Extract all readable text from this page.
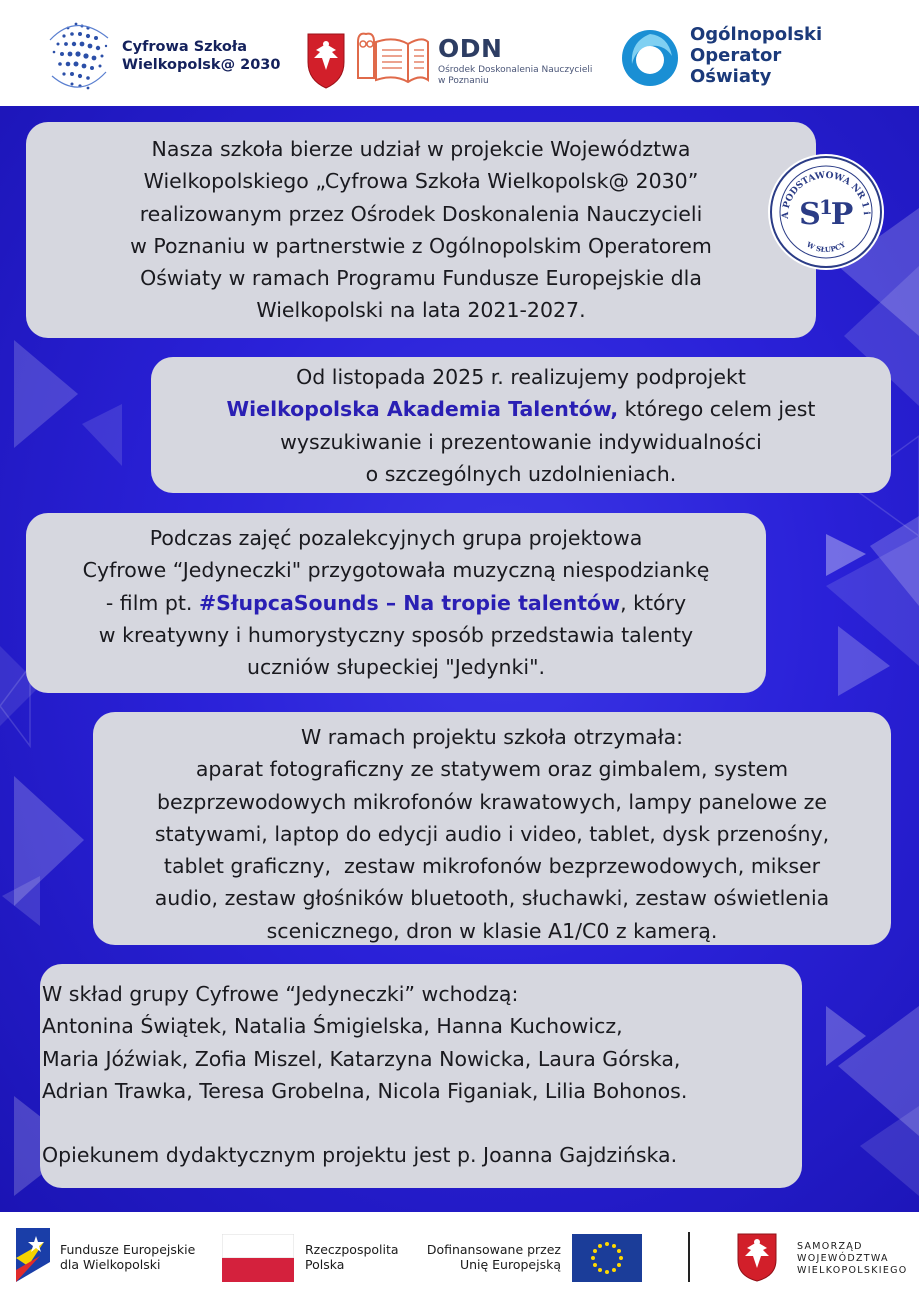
Cyfrowa Szkoła
Wielkopolsk@ 2030
ODN
Ośrodek Doskonalenia Nauczycieli
w Poznaniu
Ogólnopolski
Operator
Oświaty

Nasza szkoła bierze udział w projekcie Województwa

Wielkopolskiego „Cyfrowa Szkoła Wielkopolsk@ 2030”

realizowanym przez Ośrodek Doskonalenia Nauczycieli

w Poznaniu w partnerstwie z Ogólnopolskim Operatorem

Oświaty w ramach Programu Fundusze Europejskie dla

Wielkopolski na lata 2021-2027.

A PODSTAWOWA NR 1 i
W SŁUPCY
S
1
P

Od listopada 2025 r. realizujemy podprojekt

Wielkopolska Akademia Talentów, którego celem jest

wyszukiwanie i prezentowanie indywidualności

o szczególnych uzdolnieniach.

Podczas zajęć pozalekcyjnych grupa projektowa

Cyfrowe “Jedyneczki" przygotowała muzyczną niespodziankę

- film pt. #SłupcaSounds – Na tropie talentów, który

w kreatywny i humorystyczny sposób przedstawia talenty

uczniów słupeckiej "Jedynki".

W ramach projektu szkoła otrzymała:

aparat fotograficzny ze statywem oraz gimbalem, system

bezprzewodowych mikrofonów krawatowych, lampy panelowe ze

statywami, laptop do edycji audio i video, tablet, dysk przenośny,

tablet graficzny,  zestaw mikrofonów bezprzewodowych, mikser

audio, zestaw głośników bluetooth, słuchawki, zestaw oświetlenia

scenicznego, dron w klasie A1/C0 z kamerą.

W skład grupy Cyfrowe “Jedyneczki” wchodzą:

Antonina Świątek, Natalia Śmigielska, Hanna Kuchowicz,

Maria Jóźwiak, Zofia Miszel, Katarzyna Nowicka, Laura Górska,

Adrian Trawka, Teresa Grobelna, Nicola Figaniak, Lilia Bohonos.

Opiekunem dydaktycznym projektu jest p. Joanna Gajdzińska.

Fundusze Europejskie
dla Wielkopolski
Rzeczpospolita
Polska
Dofinansowane przez
Unię Europejską
SAMORZĄD
WOJEWÓDZTWA
WIELKOPOLSKIEGO
